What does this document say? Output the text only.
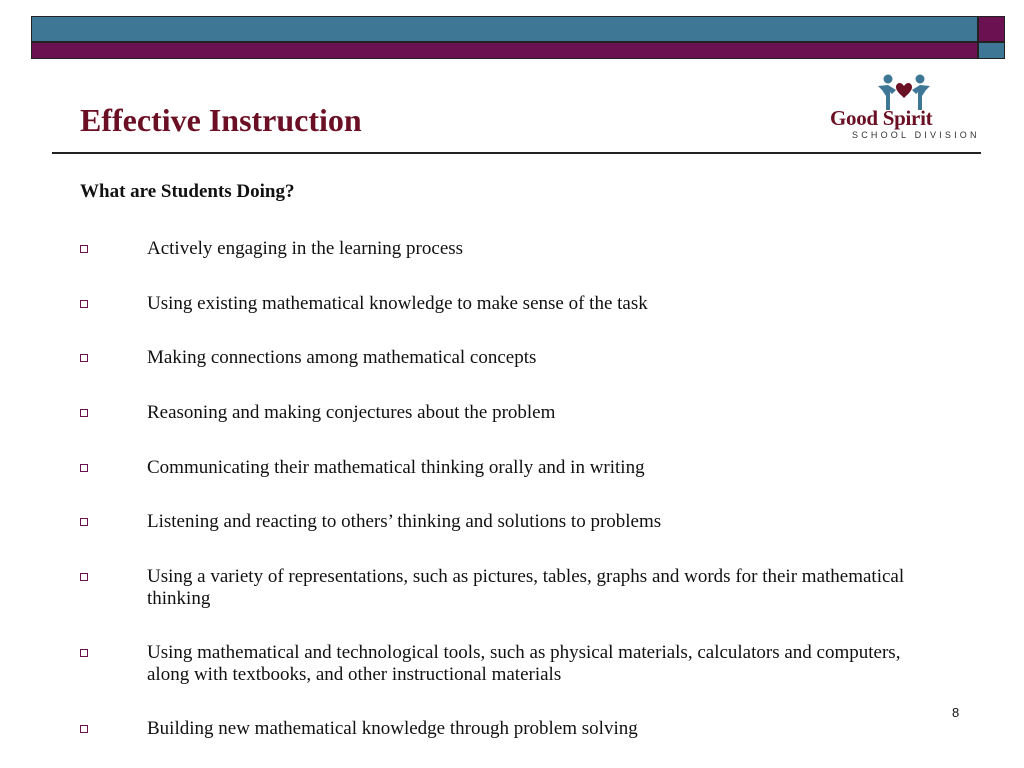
Effective Instruction	Good Spirit
SCHOOL DIVISION
What are Students Doing?
Actively engaging in the learning process
Using existing mathematical knowledge to make sense of the task
Making connections among mathematical concepts
Reasoning and making conjectures about the problem
Communicating their mathematical thinking orally and in writing
Listening and reacting to others’ thinking and solutions to problems
Using a variety of representations, such as pictures, tables, graphs and words for their mathematical thinking
Using mathematical and technological tools, such as physical materials, calculators and computers, along with textbooks, and other instructional materials
Building new mathematical knowledge through problem solving
8
